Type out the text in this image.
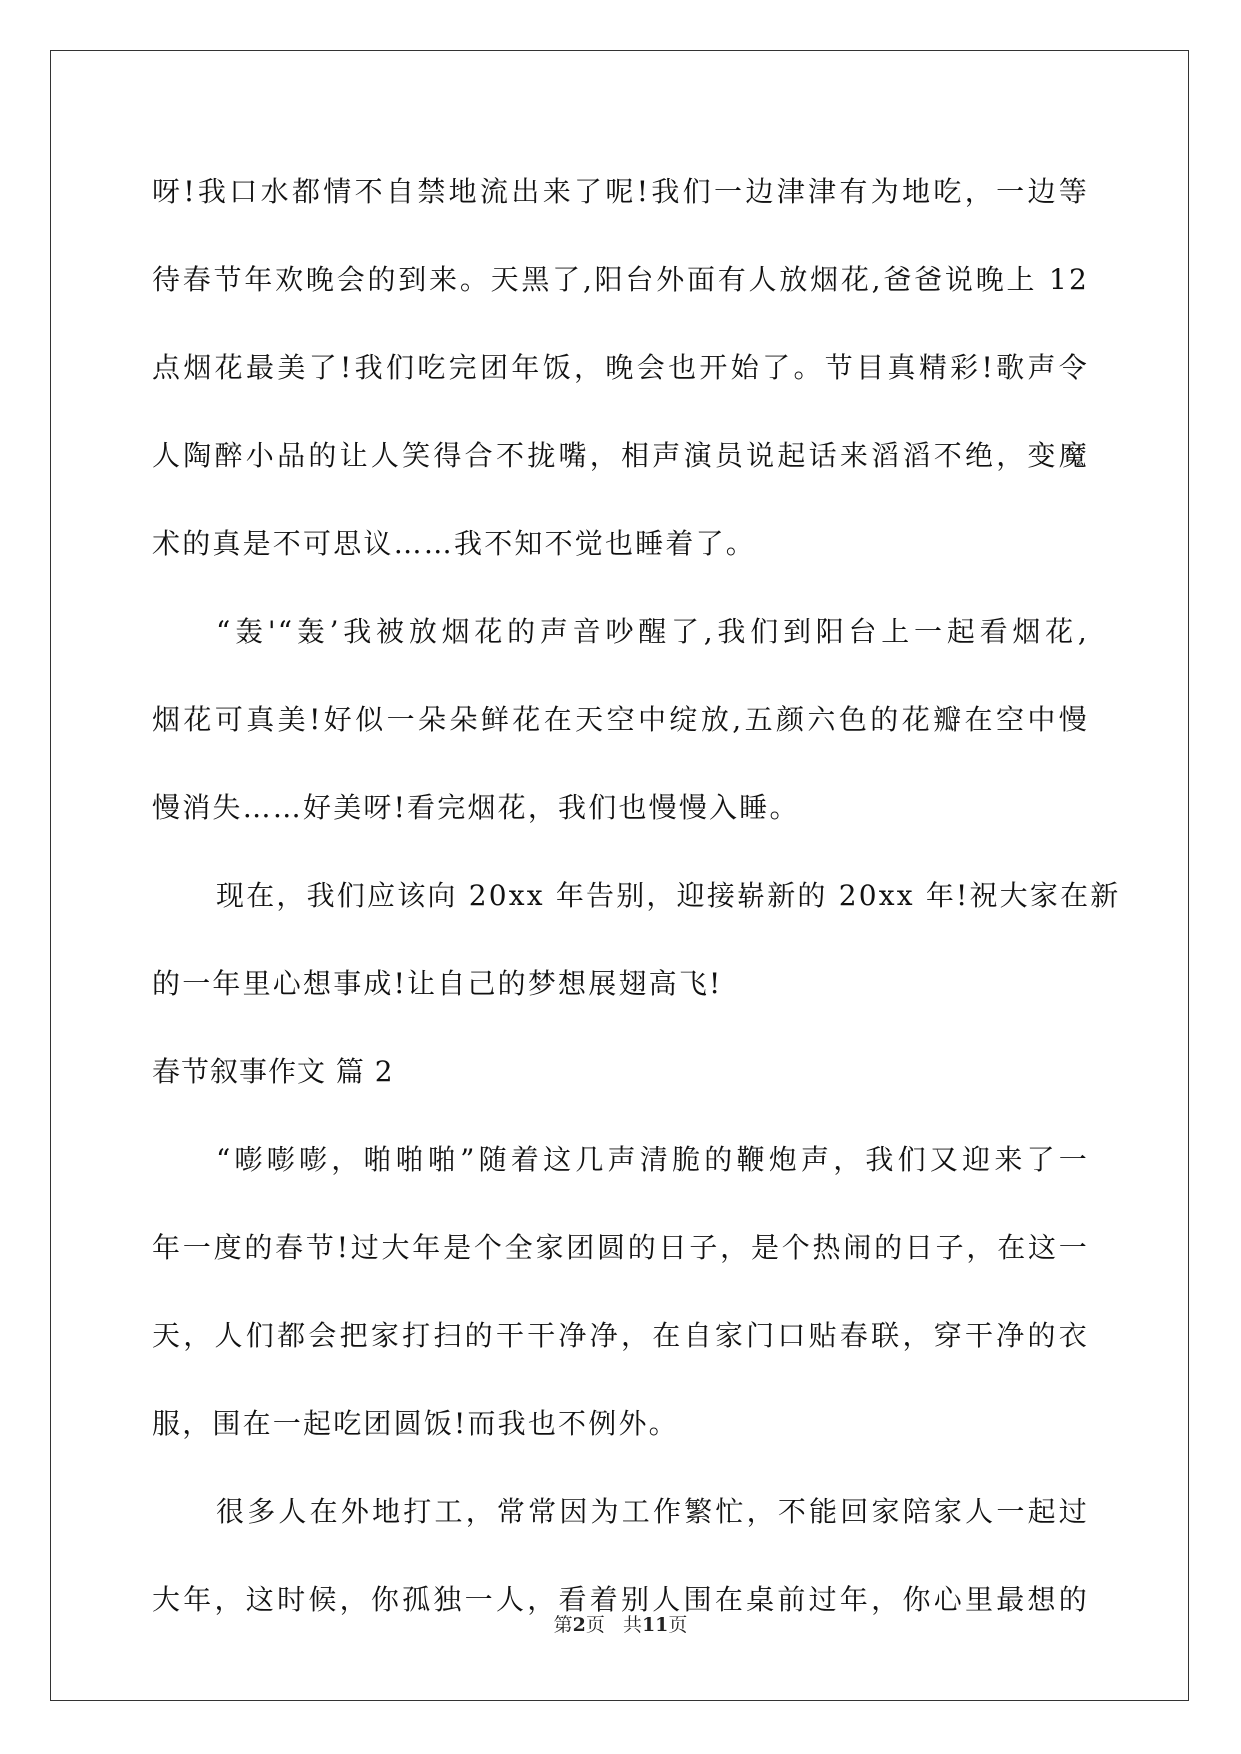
呀!我口水都情不自禁地流出来了呢!我们一边津津有为地吃，一边等
待春节年欢晚会的到来。天黑了,阳台外面有人放烟花,爸爸说晚上 12
点烟花最美了!我们吃完团年饭，晚会也开始了。节目真精彩!歌声令
人陶醉小品的让人笑得合不拢嘴，相声演员说起话来滔滔不绝，变魔
术的真是不可思议……我不知不觉也睡着了。
“轰'“轰’我被放烟花的声音吵醒了,我们到阳台上一起看烟花,
烟花可真美!好似一朵朵鲜花在天空中绽放,五颜六色的花瓣在空中慢
慢消失……好美呀!看完烟花，我们也慢慢入睡。
现在，我们应该向 20xx 年告别，迎接崭新的 20xx 年!祝大家在新
的一年里心想事成!让自己的梦想展翅高飞!
春节叙事作文 篇 2
“嘭嘭嘭，啪啪啪”随着这几声清脆的鞭炮声，我们又迎来了一
年一度的春节!过大年是个全家团圆的日子，是个热闹的日子，在这一
天，人们都会把家打扫的干干净净，在自家门口贴春联，穿干净的衣
服，围在一起吃团圆饭!而我也不例外。
很多人在外地打工，常常因为工作繁忙，不能回家陪家人一起过
大年，这时候，你孤独一人，看着别人围在桌前过年，你心里最想的
第2页   共11页
